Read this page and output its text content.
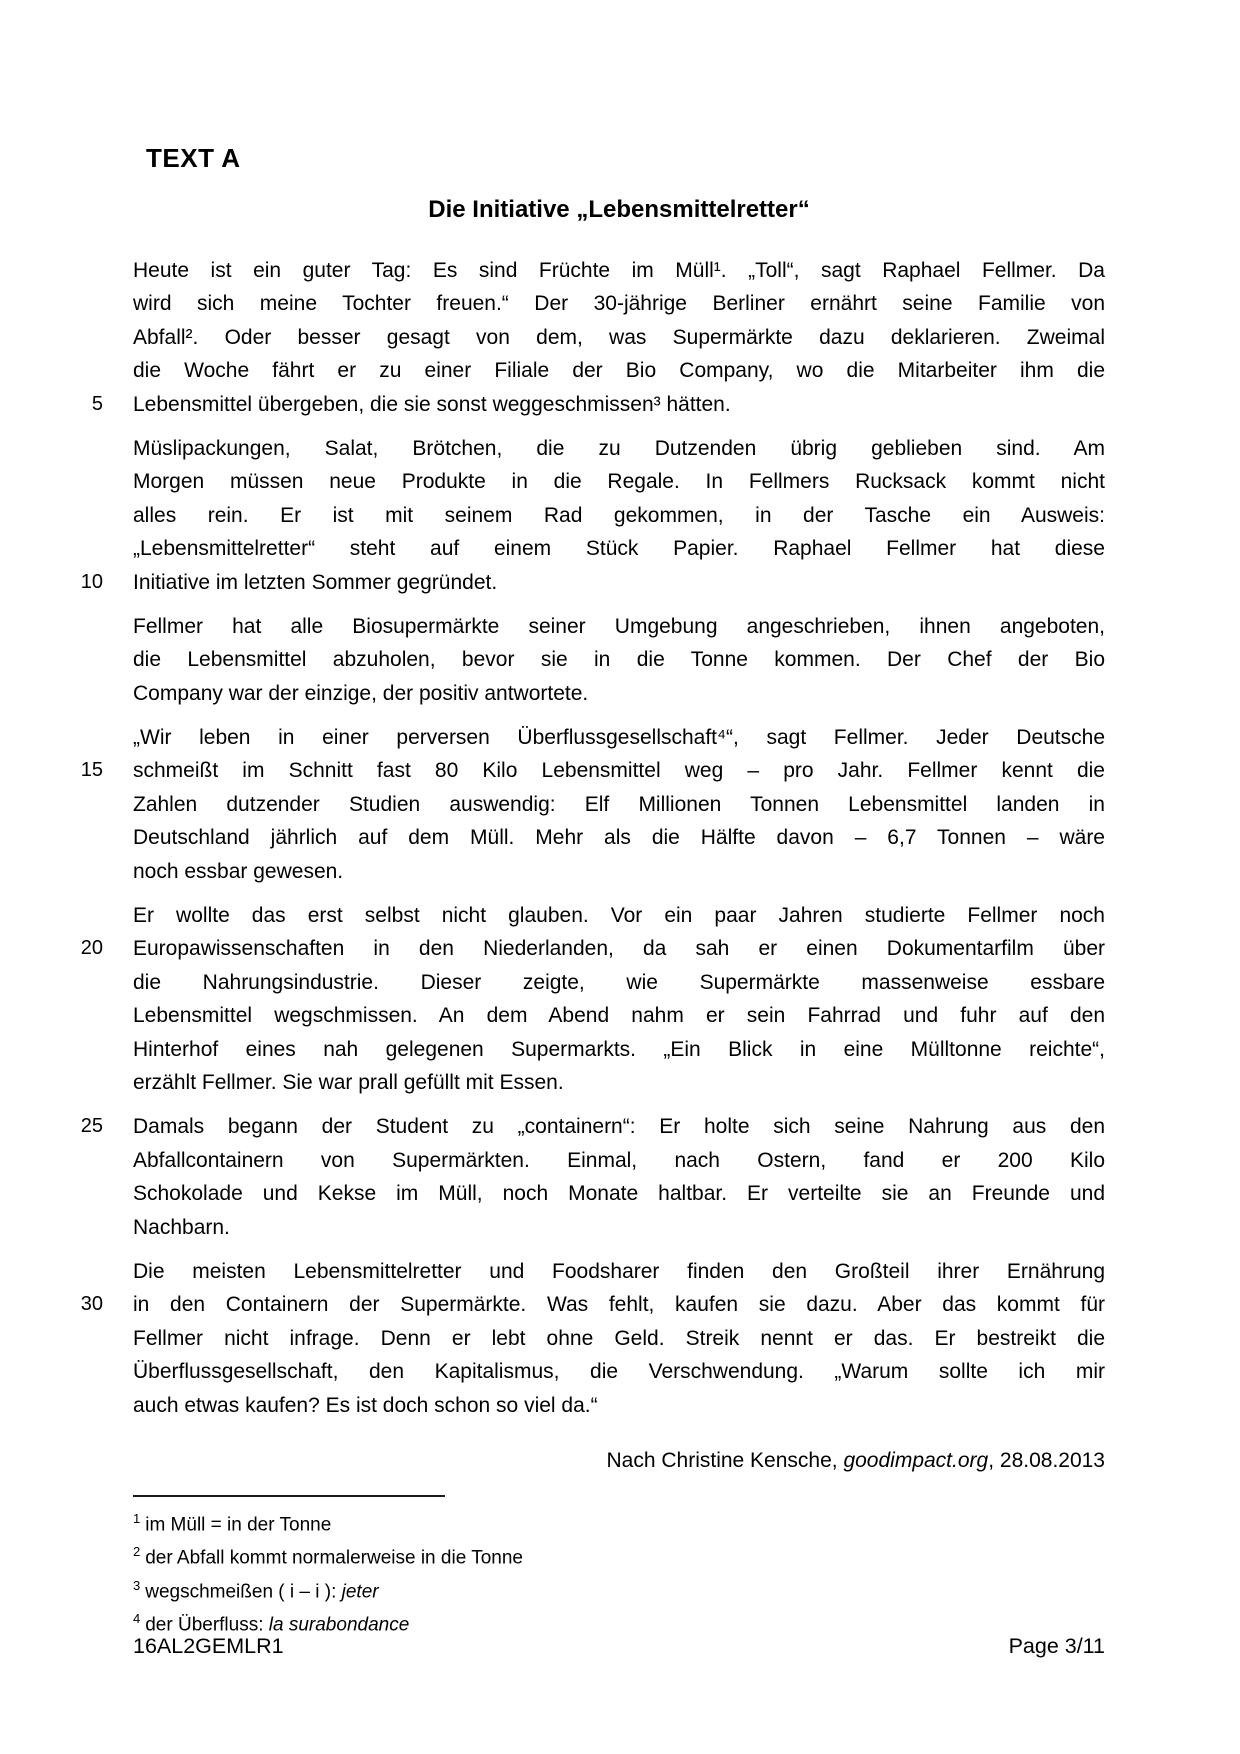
TEXT A
Die Initiative „Lebensmittelretter“
Heute ist ein guter Tag: Es sind Früchte im Müll¹. „Toll“, sagt Raphael Fellmer. Da
wird sich meine Tochter freuen.“ Der 30-jährige Berliner ernährt seine Familie von
Abfall². Oder besser gesagt von dem, was Supermärkte dazu deklarieren. Zweimal
die Woche fährt er zu einer Filiale der Bio Company, wo die Mitarbeiter ihm die
5	Lebensmittel übergeben, die sie sonst weggeschmissen³ hätten.
Müslipackungen, Salat, Brötchen, die zu Dutzenden übrig geblieben sind. Am
Morgen müssen neue Produkte in die Regale. In Fellmers Rucksack kommt nicht
alles rein. Er ist mit seinem Rad gekommen, in der Tasche ein Ausweis:
„Lebensmittelretter“ steht auf einem Stück Papier. Raphael Fellmer hat diese
10	Initiative im letzten Sommer gegründet.
Fellmer hat alle Biosupermärkte seiner Umgebung angeschrieben, ihnen angeboten,
die Lebensmittel abzuholen, bevor sie in die Tonne kommen. Der Chef der Bio
Company war der einzige, der positiv antwortete.
„Wir leben in einer perversen Überflussgesellschaft⁴“, sagt Fellmer. Jeder Deutsche
15	schmeißt im Schnitt fast 80 Kilo Lebensmittel weg – pro Jahr. Fellmer kennt die
Zahlen dutzender Studien auswendig: Elf Millionen Tonnen Lebensmittel landen in
Deutschland jährlich auf dem Müll. Mehr als die Hälfte davon – 6,7 Tonnen – wäre
noch essbar gewesen.
Er wollte das erst selbst nicht glauben. Vor ein paar Jahren studierte Fellmer noch
20	Europawissenschaften in den Niederlanden, da sah er einen Dokumentarfilm über
die Nahrungsindustrie. Dieser zeigte, wie Supermärkte massenweise essbare
Lebensmittel wegschmissen. An dem Abend nahm er sein Fahrrad und fuhr auf den
Hinterhof eines nah gelegenen Supermarkts. „Ein Blick in eine Mülltonne reichte“,
erzählt Fellmer. Sie war prall gefüllt mit Essen.
25	Damals begann der Student zu „containern“: Er holte sich seine Nahrung aus den
Abfallcontainern von Supermärkten. Einmal, nach Ostern, fand er 200 Kilo
Schokolade und Kekse im Müll, noch Monate haltbar. Er verteilte sie an Freunde und
Nachbarn.
Die meisten Lebensmittelretter und Foodsharer finden den Großteil ihrer Ernährung
30	in den Containern der Supermärkte. Was fehlt, kaufen sie dazu. Aber das kommt für
Fellmer nicht infrage. Denn er lebt ohne Geld. Streik nennt er das. Er bestreikt die
Überflussgesellschaft, den Kapitalismus, die Verschwendung. „Warum sollte ich mir
auch etwas kaufen? Es ist doch schon so viel da.“
Nach Christine Kensche, goodimpact.org, 28.08.2013
$^1$ im Müll = in der Tonne
$^2$ der Abfall kommt normalerweise in die Tonne
$^3$ wegschmeißen ( i – i ): jeter
$^4$ der Überfluss: la surabondance
16AL2GEMLR1	Page 3/11
